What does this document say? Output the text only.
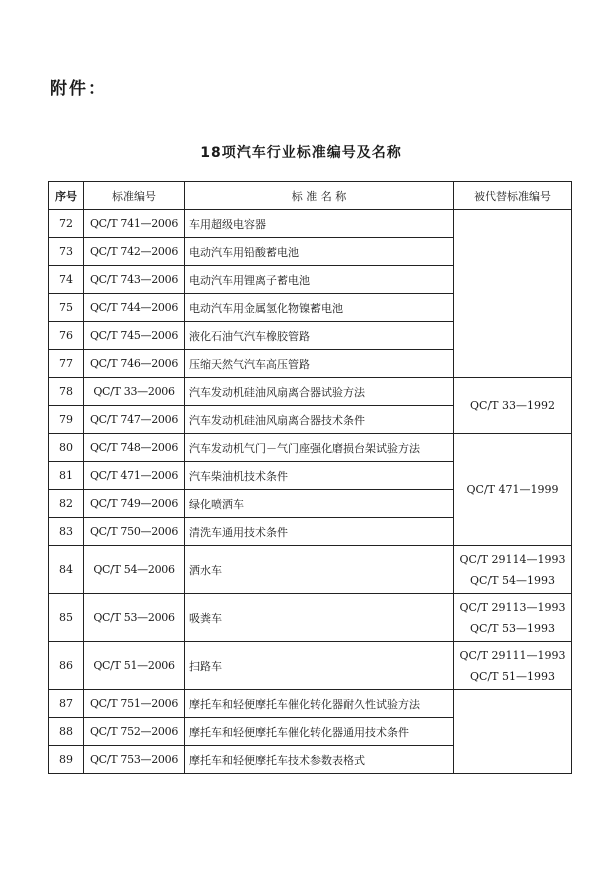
附件：
18项汽车行业标准编号及名称
序号	标准编号	标 准 名 称	被代替标准编号
72	QC/T 741—2006	车用超级电容器	
73	QC/T 742—2006	电动汽车用铅酸蓄电池	
74	QC/T 743—2006	电动汽车用锂离子蓄电池	
75	QC/T 744—2006	电动汽车用金属氢化物镍蓄电池	
76	QC/T 745—2006	液化石油气汽车橡胶管路	
77	QC/T 746—2006	压缩天然气汽车高压管路	
78	QC/T 33—2006	汽车发动机硅油风扇离合器试验方法	QC/T 33—1992
79	QC/T 747—2006	汽车发动机硅油风扇离合器技术条件	
80	QC/T 748—2006	汽车发动机气门－气门座强化磨损台架试验方法	QC/T 471—1999
81	QC/T 471—2006	汽车柴油机技术条件	
82	QC/T 749—2006	绿化喷洒车	
83	QC/T 750—2006	清洗车通用技术条件	
84	QC/T 54—2006	洒水车	QC/T 29114—1993
QC/T 54—1993

85	QC/T 53—2006	吸粪车	QC/T 29113—1993
QC/T 53—1993

86	QC/T 51—2006	扫路车	QC/T 29111—1993
QC/T 51—1993

87	QC/T 751—2006	摩托车和轻便摩托车催化转化器耐久性试验方法	
88	QC/T 752—2006	摩托车和轻便摩托车催化转化器通用技术条件	
89	QC/T 753—2006	摩托车和轻便摩托车技术参数表格式	
